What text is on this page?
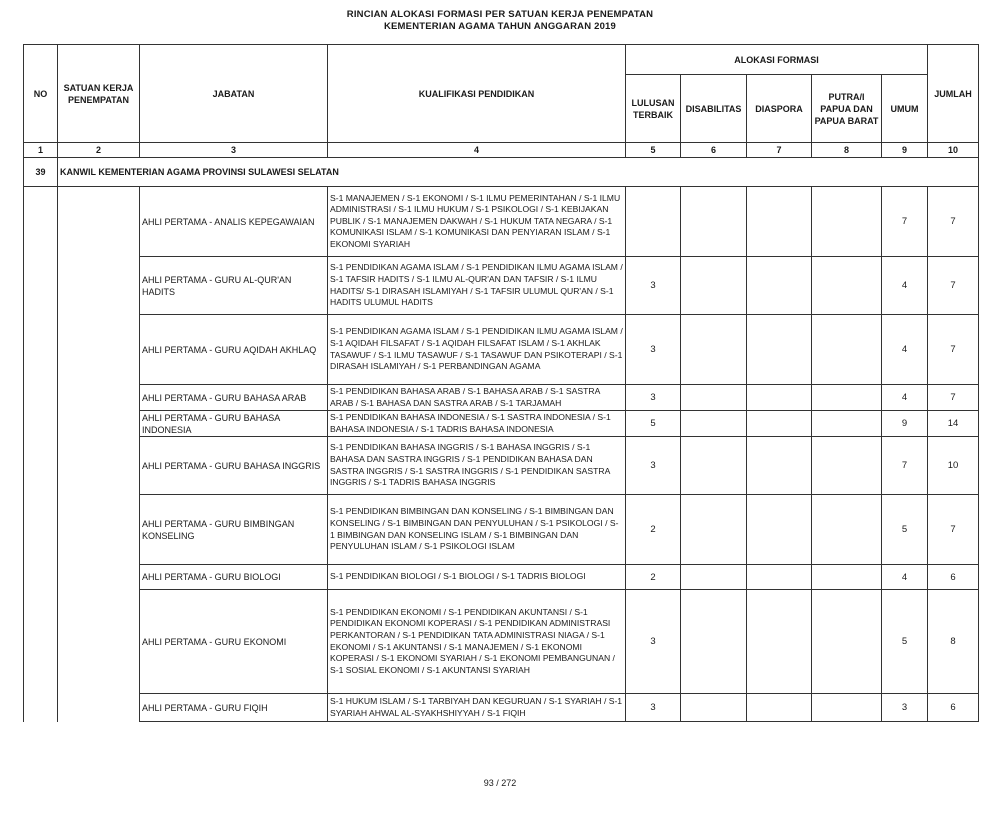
RINCIAN ALOKASI FORMASI PER SATUAN KERJA PENEMPATAN
KEMENTERIAN AGAMA TAHUN ANGGARAN 2019
NO	SATUAN KERJA PENEMPATAN	JABATAN	KUALIFIKASI PENDIDIKAN	ALOKASI FORMASI					JUMLAH
				LULUSAN TERBAIK	DISABILITAS	DIASPORA	PUTRA/I PAPUA DAN PAPUA BARAT	UMUM	
1	2	3	4	5	6	7	8	9	10
39	KANWIL KEMENTERIAN AGAMA PROVINSI SULAWESI SELATAN								
		AHLI PERTAMA - ANALIS KEPEGAWAIAN	S-1 MANAJEMEN / S-1 EKONOMI / S-1 ILMU PEMERINTAHAN / S-1 ILMU ADMINISTRASI / S-1 ILMU HUKUM / S-1 PSIKOLOGI / S-1 KEBIJAKAN PUBLIK / S-1 MANAJEMEN DAKWAH / S-1 HUKUM TATA NEGARA / S-1 KOMUNIKASI ISLAM / S-1 KOMUNIKASI DAN PENYIARAN ISLAM / S-1 EKONOMI SYARIAH					7	7
		AHLI PERTAMA - GURU AL-QUR'AN HADITS	S-1 PENDIDIKAN AGAMA ISLAM / S-1 PENDIDIKAN ILMU AGAMA ISLAM / S-1 TAFSIR HADITS / S-1 ILMU AL-QUR'AN DAN TAFSIR / S-1 ILMU HADITS/ S-1 DIRASAH ISLAMIYAH / S-1 TAFSIR ULUMUL QUR'AN / S-1 HADITS ULUMUL HADITS	3				4	7
		AHLI PERTAMA - GURU AQIDAH AKHLAQ	S-1 PENDIDIKAN AGAMA ISLAM / S-1 PENDIDIKAN ILMU AGAMA ISLAM / S-1 AQIDAH FILSAFAT / S-1 AQIDAH FILSAFAT ISLAM / S-1 AKHLAK TASAWUF / S-1 ILMU TASAWUF / S-1 TASAWUF DAN PSIKOTERAPI / S-1 DIRASAH ISLAMIYAH / S-1 PERBANDINGAN AGAMA	3				4	7
		AHLI PERTAMA - GURU BAHASA ARAB	S-1 PENDIDIKAN BAHASA ARAB / S-1 BAHASA ARAB / S-1 SASTRA ARAB / S-1 BAHASA DAN SASTRA ARAB / S-1 TARJAMAH	3				4	7
		AHLI PERTAMA - GURU BAHASA INDONESIA	S-1 PENDIDIKAN BAHASA INDONESIA / S-1 SASTRA INDONESIA / S-1 BAHASA INDONESIA / S-1 TADRIS BAHASA INDONESIA	5				9	14
		AHLI PERTAMA - GURU BAHASA INGGRIS	S-1 PENDIDIKAN BAHASA INGGRIS / S-1 BAHASA INGGRIS / S-1 BAHASA DAN SASTRA INGGRIS / S-1 PENDIDIKAN BAHASA DAN SASTRA INGGRIS / S-1 SASTRA INGGRIS / S-1 PENDIDIKAN SASTRA INGGRIS / S-1 TADRIS BAHASA INGGRIS	3				7	10
		AHLI PERTAMA - GURU BIMBINGAN KONSELING	S-1 PENDIDIKAN BIMBINGAN DAN KONSELING / S-1 BIMBINGAN DAN KONSELING / S-1 BIMBINGAN DAN PENYULUHAN / S-1 PSIKOLOGI / S-1 BIMBINGAN DAN KONSELING ISLAM / S-1 BIMBINGAN DAN PENYULUHAN ISLAM / S-1 PSIKOLOGI ISLAM	2				5	7
		AHLI PERTAMA - GURU BIOLOGI	S-1 PENDIDIKAN BIOLOGI / S-1 BIOLOGI / S-1 TADRIS BIOLOGI	2				4	6
		AHLI PERTAMA - GURU EKONOMI	S-1 PENDIDIKAN EKONOMI / S-1 PENDIDIKAN AKUNTANSI / S-1 PENDIDIKAN EKONOMI KOPERASI / S-1 PENDIDIKAN ADMINISTRASI PERKANTORAN / S-1 PENDIDIKAN TATA ADMINISTRASI NIAGA / S-1 EKONOMI / S-1 AKUNTANSI / S-1 MANAJEMEN / S-1 EKONOMI KOPERASI / S-1 EKONOMI SYARIAH / S-1 EKONOMI PEMBANGUNAN / S-1 SOSIAL EKONOMI / S-1 AKUNTANSI SYARIAH	3				5	8
		AHLI PERTAMA - GURU FIQIH	S-1 HUKUM ISLAM / S-1 TARBIYAH DAN KEGURUAN / S-1 SYARIAH / S-1 SYARIAH AHWAL AL-SYAKHSHIYYAH / S-1 FIQIH	3				3	6
93 / 272
